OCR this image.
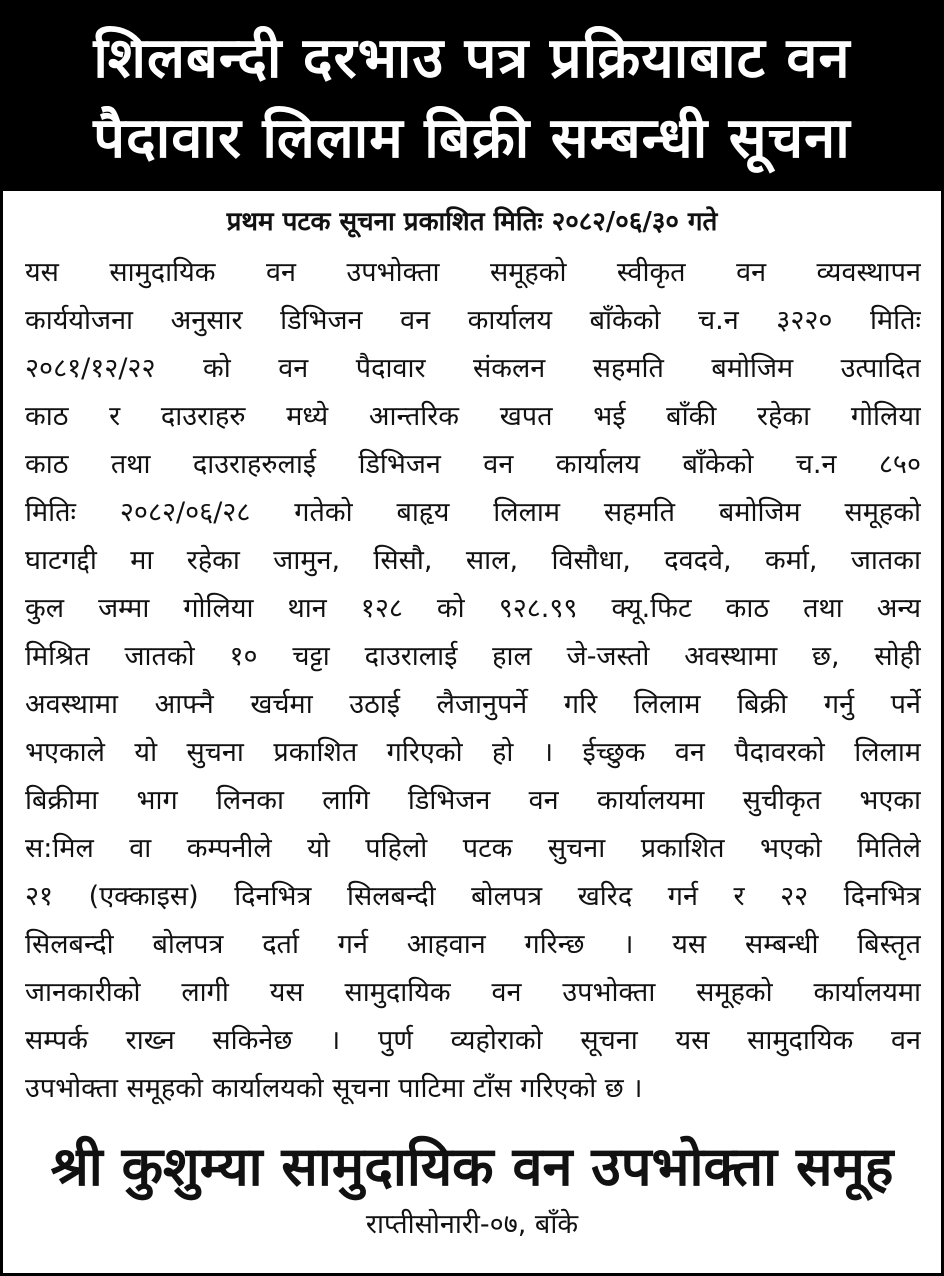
शिलबन्दी दरभाउ पत्र प्रक्रियाबाट वन
पैदावार लिलाम बिक्री सम्बन्धी सूचना
प्रथम पटक सूचना प्रकाशित मितिः २०८२/०६/३० गते
यस सामुदायिक वन उपभोक्ता समूहको स्वीकृत वन व्यवस्थापन
कार्ययोजना अनुसार डिभिजन वन कार्यालय बाँकेको च.न ३२२० मितिः
२०८१/१२/२२ को वन पैदावार संकलन सहमति बमोजिम उत्पादित
काठ र दाउराहरु मध्ये आन्तरिक खपत भई बाँकी रहेका गोलिया
काठ तथा दाउराहरुलाई डिभिजन वन कार्यालय बाँकेको च.न ८५०
मितिः २०८२/०६/२८ गतेको बाहृय लिलाम सहमति बमोजिम समूहको
घाटगद्दी मा रहेका जामुन, सिसौ, साल, विसौधा, दवदवे, कर्मा, जातका
कुल जम्मा गोलिया थान १२८ को ९२८.९९ क्यू.फिट काठ तथा अन्य
मिश्रित जातको १० चट्टा दाउरालाई हाल जे-जस्तो अवस्थामा छ, सोही
अवस्थामा आफ्नै खर्चमा उठाई लैजानुपर्ने गरि लिलाम बिक्री गर्नु पर्ने
भएकाले यो सुचना प्रकाशित गरिएको हो । ईच्छुक वन पैदावरको लिलाम
बिक्रीमा भाग लिनका लागि डिभिजन वन कार्यालयमा सुचीकृत भएका
स:मिल वा कम्पनीले यो पहिलो पटक सुचना प्रकाशित भएको मितिले
२१ (एक्काइस) दिनभित्र सिलबन्दी बोलपत्र खरिद गर्न र २२ दिनभित्र
सिलबन्दी बोलपत्र दर्ता गर्न आहवान गरिन्छ । यस सम्बन्धी बिस्तृत
जानकारीको लागी यस सामुदायिक वन उपभोक्ता समूहको कार्यालयमा
सम्पर्क राख्न सकिनेछ । पुर्ण व्यहोराको सूचना यस सामुदायिक वन
उपभोक्ता समूहको कार्यालयको सूचना पाटिमा टाँस गरिएको छ ।
श्री कुशुम्या सामुदायिक वन उपभोक्ता समूह
राप्तीसोनारी-०७, बाँके
